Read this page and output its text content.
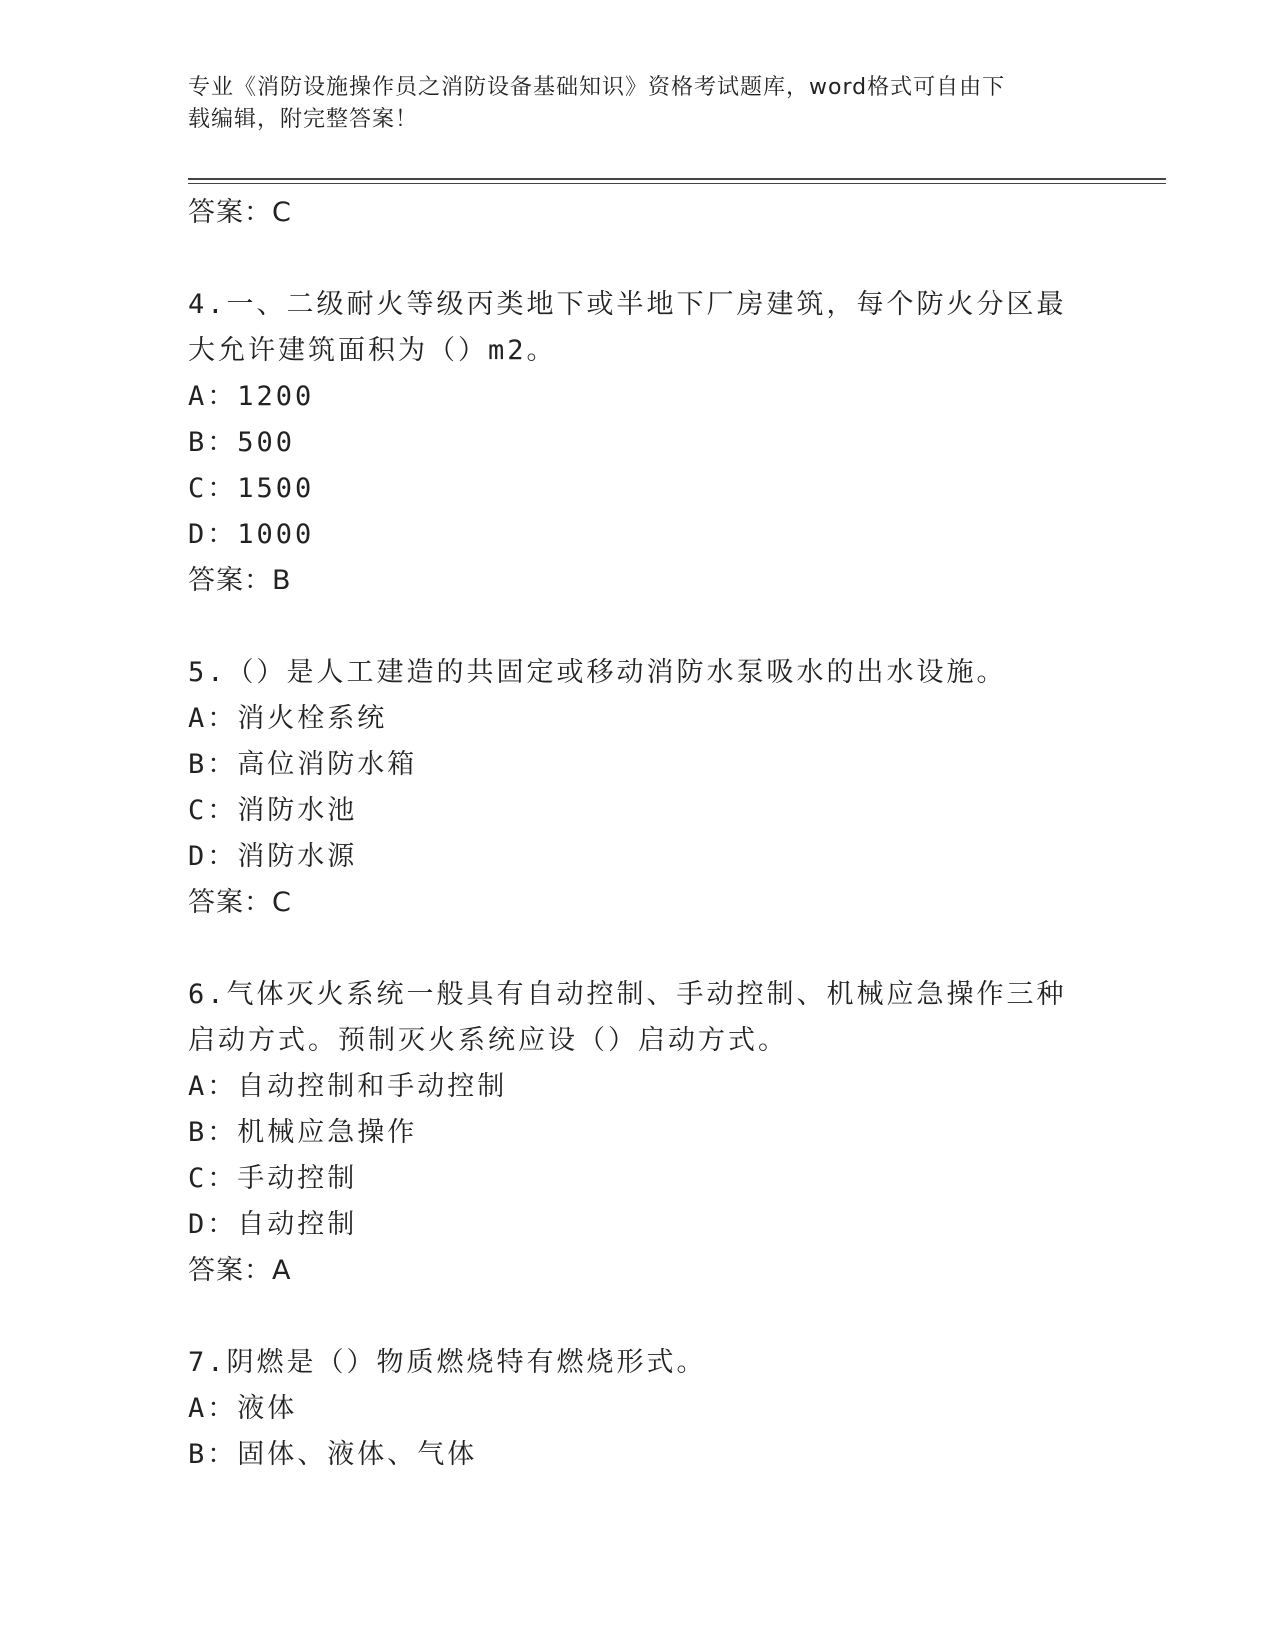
专业《消防设施操作员之消防设备基础知识》资格考试题库，word格式可自由下
载编辑，附完整答案！
答案：C
4.一、二级耐火等级丙类地下或半地下厂房建筑，每个防火分区最大允许建筑面积为（）m2。
A：1200
B：500
C：1500
D：1000
答案：B
5.（）是人工建造的共固定或移动消防水泵吸水的出水设施。
A：消火栓系统
B：高位消防水箱
C：消防水池
D：消防水源
答案：C
6.气体灭火系统一般具有自动控制、手动控制、机械应急操作三种启动方式。预制灭火系统应设（）启动方式。
A：自动控制和手动控制
B：机械应急操作
C：手动控制
D：自动控制
答案：A
7.阴燃是（）物质燃烧特有燃烧形式。
A：液体
B：固体、液体、气体
